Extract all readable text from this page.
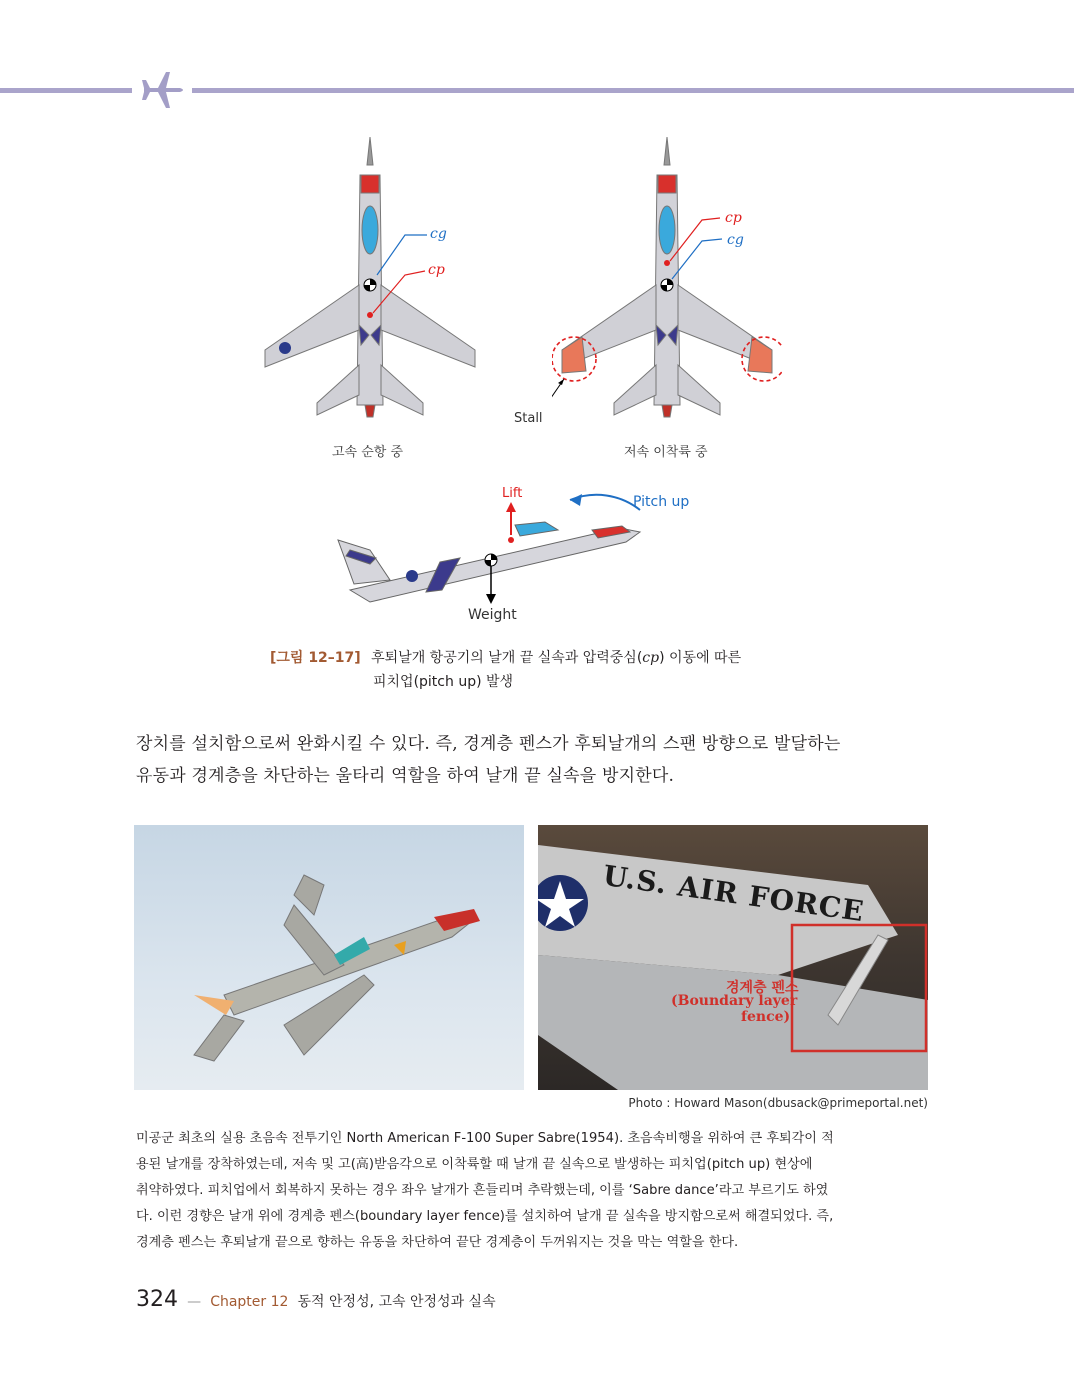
cg
cp
고속 순항 중
cp
cg
Stall
저속 이착륙 중
Lift
Pitch up
Weight
[그림 12–17] 후퇴날개 항공기의 날개 끝 실속과 압력중심(cp) 이동에 따른
피치업(pitch up) 발생
장치를 설치함으로써 완화시킬 수 있다. 즉, 경계층 펜스가 후퇴날개의 스팬 방향으로 발달하는
유동과 경계층을 차단하는 울타리 역할을 하여 날개 끝 실속을 방지한다.
U.S. AIR FORCE
경계층 펜스
(Boundary layer
fence)
Photo : Howard Mason(dbusack@primeportal.net)
미공군 최초의 실용 초음속 전투기인 North American F-100 Super Sabre(1954). 초음속비행을 위하여 큰 후퇴각이 적
용된 날개를 장착하였는데, 저속 및 고(高)받음각으로 이착륙할 때 날개 끝 실속으로 발생하는 피치업(pitch up) 현상에
취약하였다. 피치업에서 회복하지 못하는 경우 좌우 날개가 흔들리며 추락했는데, 이를 ‘Sabre dance’라고 부르기도 하였
다. 이런 경향은 날개 위에 경계층 펜스(boundary layer fence)를 설치하여 날개 끝 실속을 방지함으로써 해결되었다. 즉,
경계층 펜스는 후퇴날개 끝으로 향하는 유동을 차단하여 끝단 경계층이 두꺼워지는 것을 막는 역할을 한다.
324 — Chapter 12 동적 안정성, 고속 안정성과 실속
